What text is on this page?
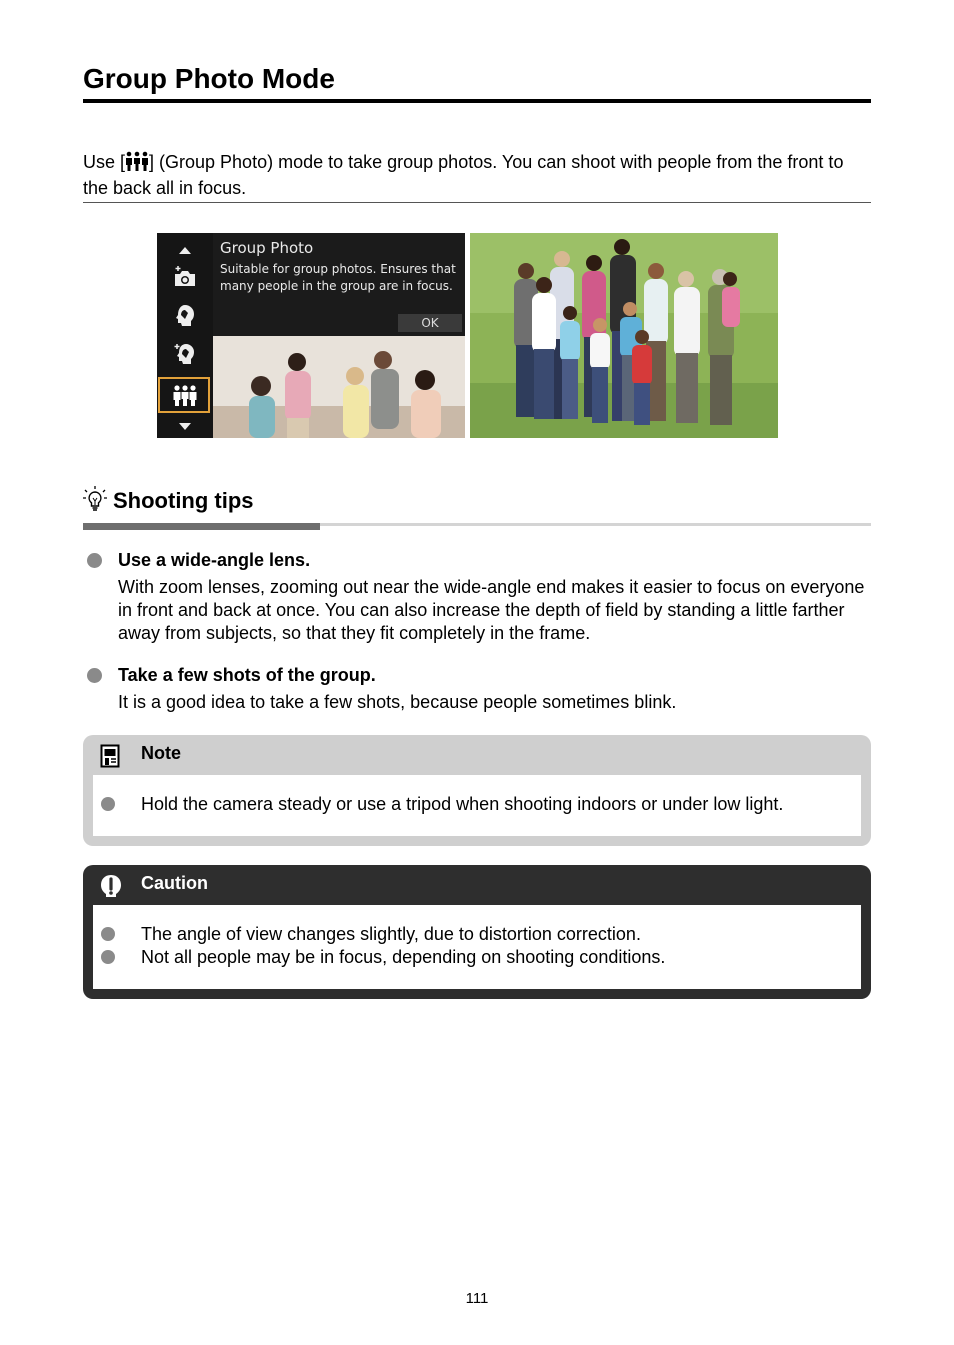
Group Photo Mode

Use [ ] (Group Photo) mode to take group photos. You can shoot with people from the front to the back all in focus.

Group Photo
Suitable for group photos. Ensures that many people in the group are in focus.
OK
Shooting tips

Use a wide-angle lens.

With zoom lenses, zooming out near the wide-angle end makes it easier to focus on everyone in front and back at once. You can also increase the depth of field by standing a little farther away from subjects, so that they fit completely in the frame.

Take a few shots of the group.

It is a good idea to take a few shots, because people sometimes blink.

Note

Hold the camera steady or use a tripod when shooting indoors or under low light.

Caution

The angle of view changes slightly, due to distortion correction.

Not all people may be in focus, depending on shooting conditions.

111
